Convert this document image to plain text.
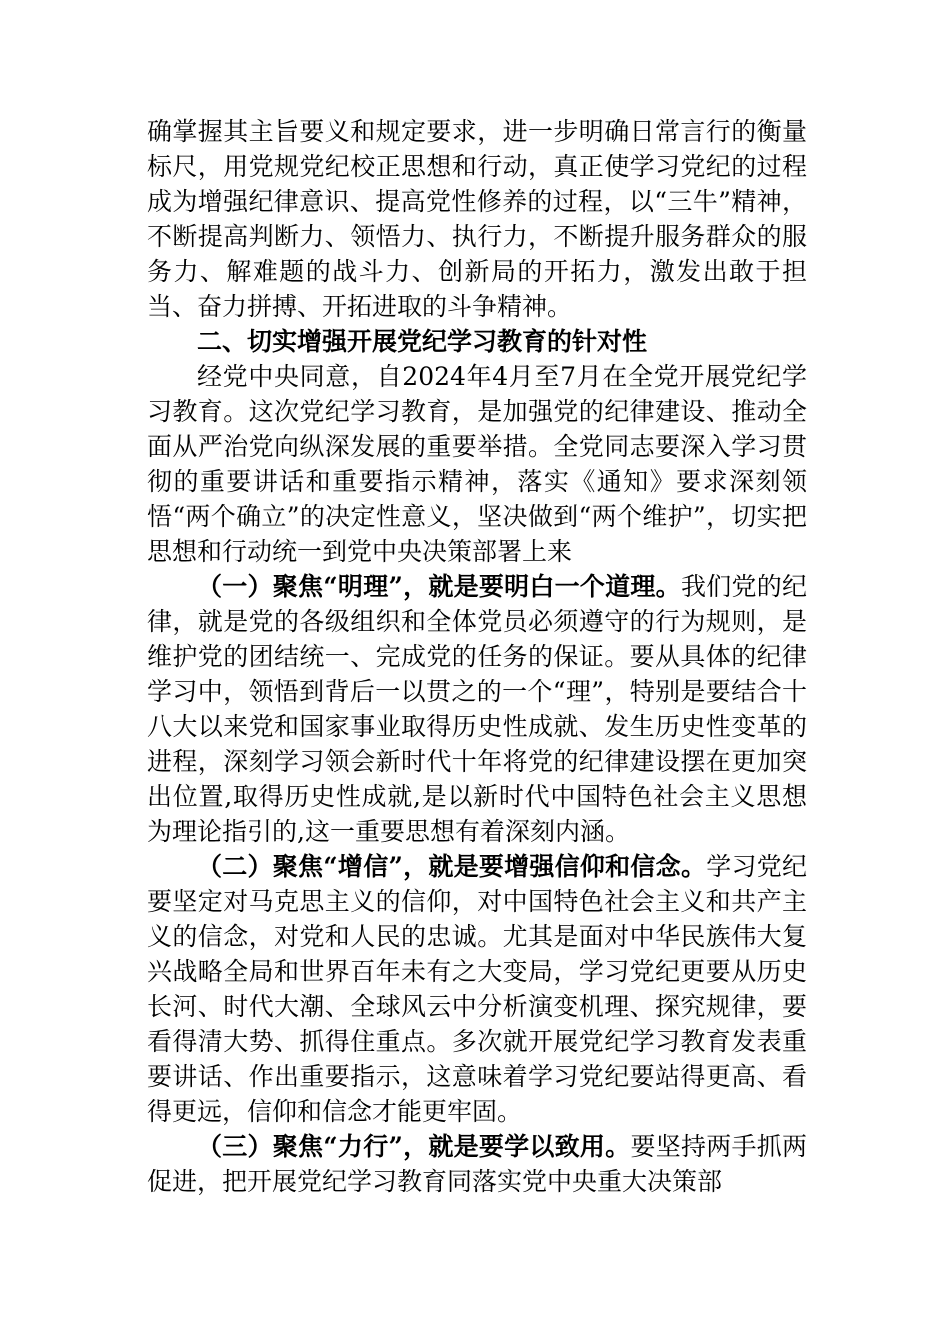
确掌握其主旨要义和规定要求，进一步明确日常言行的衡量标尺，用党规党纪校正思想和行动，真正使学习党纪的过程成为增强纪律意识、提高党性修养的过程，以“三牛”精神，不断提高判断力、领悟力、执行力，不断提升服务群众的服务力、解难题的战斗力、创新局的开拓力，激发出敢于担当、奋力拼搏、开拓进取的斗争精神。

二、切实增强开展党纪学习教育的针对性

经党中央同意，自2024年4月至7月在全党开展党纪学习教育。这次党纪学习教育，是加强党的纪律建设、推动全面从严治党向纵深发展的重要举措。全党同志要深入学习贯彻的重要讲话和重要指示精神，落实《通知》要求深刻领悟“两个确立”的决定性意义，坚决做到“两个维护”，切实把思想和行动统一到党中央决策部署上来

（一）聚焦“明理”，就是要明白一个道理。我们党的纪律，就是党的各级组织和全体党员必须遵守的行为规则，是维护党的团结统一、完成党的任务的保证。要从具体的纪律学习中，领悟到背后一以贯之的一个“理”，特别是要结合十八大以来党和国家事业取得历史性成就、发生历史性变革的进程，深刻学习领会新时代十年将党的纪律建设摆在更加突出位置,取得历史性成就,是以新时代中国特色社会主义思想为理论指引的,这一重要思想有着深刻内涵。

（二）聚焦“增信”，就是要增强信仰和信念。学习党纪要坚定对马克思主义的信仰，对中国特色社会主义和共产主义的信念，对党和人民的忠诚。尤其是面对中华民族伟大复兴战略全局和世界百年未有之大变局，学习党纪更要从历史长河、时代大潮、全球风云中分析演变机理、探究规律，要看得清大势、抓得住重点。多次就开展党纪学习教育发表重要讲话、作出重要指示，这意味着学习党纪要站得更高、看得更远，信仰和信念才能更牢固。

（三）聚焦“力行”，就是要学以致用。要坚持两手抓两促进，把开展党纪学习教育同落实党中央重大决策部
